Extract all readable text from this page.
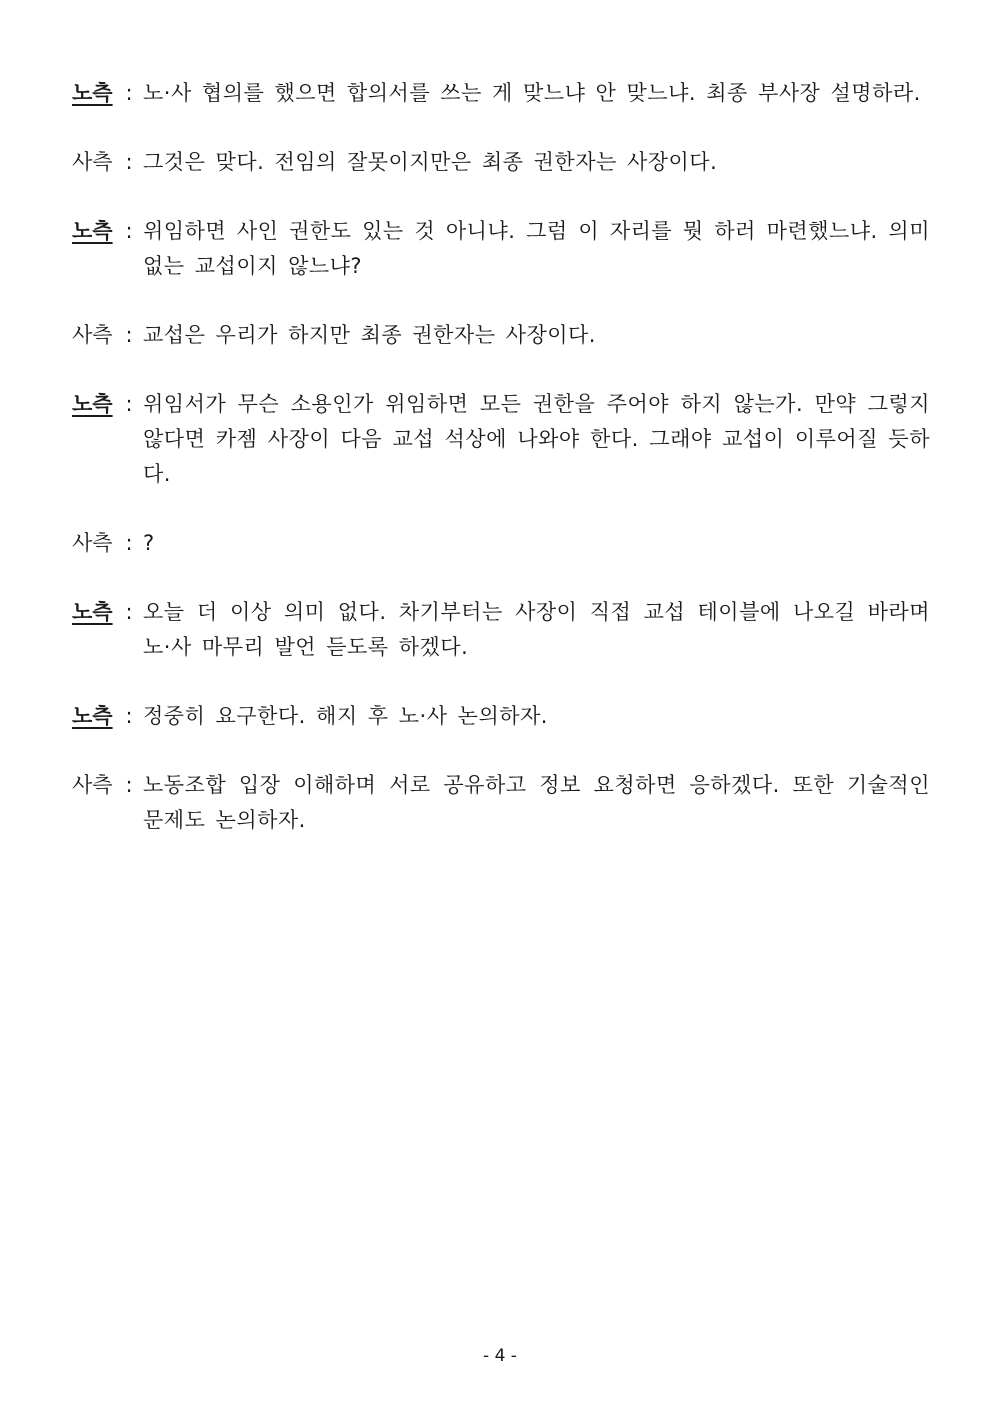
노측 : 노·사 협의를 했으면 합의서를 쓰는 게 맞느냐 안 맞느냐. 최종 부사장 설명하라.
사측 : 그것은 맞다. 전임의 잘못이지만은 최종 권한자는 사장이다.
노측 : 위임하면 사인 권한도 있는 것 아니냐. 그럼 이 자리를 뭣 하러 마련했느냐. 의미 없는 교섭이지 않느냐?
사측 : 교섭은 우리가 하지만 최종 권한자는 사장이다.
노측 : 위임서가 무슨 소용인가 위임하면 모든 권한을 주어야 하지 않는가. 만약 그렇지 않다면 카젬 사장이 다음 교섭 석상에 나와야 한다. 그래야 교섭이 이루어질 듯하다.
사측 : ?
노측 : 오늘 더 이상 의미 없다. 차기부터는 사장이 직접 교섭 테이블에 나오길 바라며 노·사 마무리 발언 듣도록 하겠다.
노측 : 정중히 요구한다. 해지 후 노·사 논의하자.
사측 : 노동조합 입장 이해하며 서로 공유하고 정보 요청하면 응하겠다. 또한 기술적인 문제도 논의하자.
- 4 -
